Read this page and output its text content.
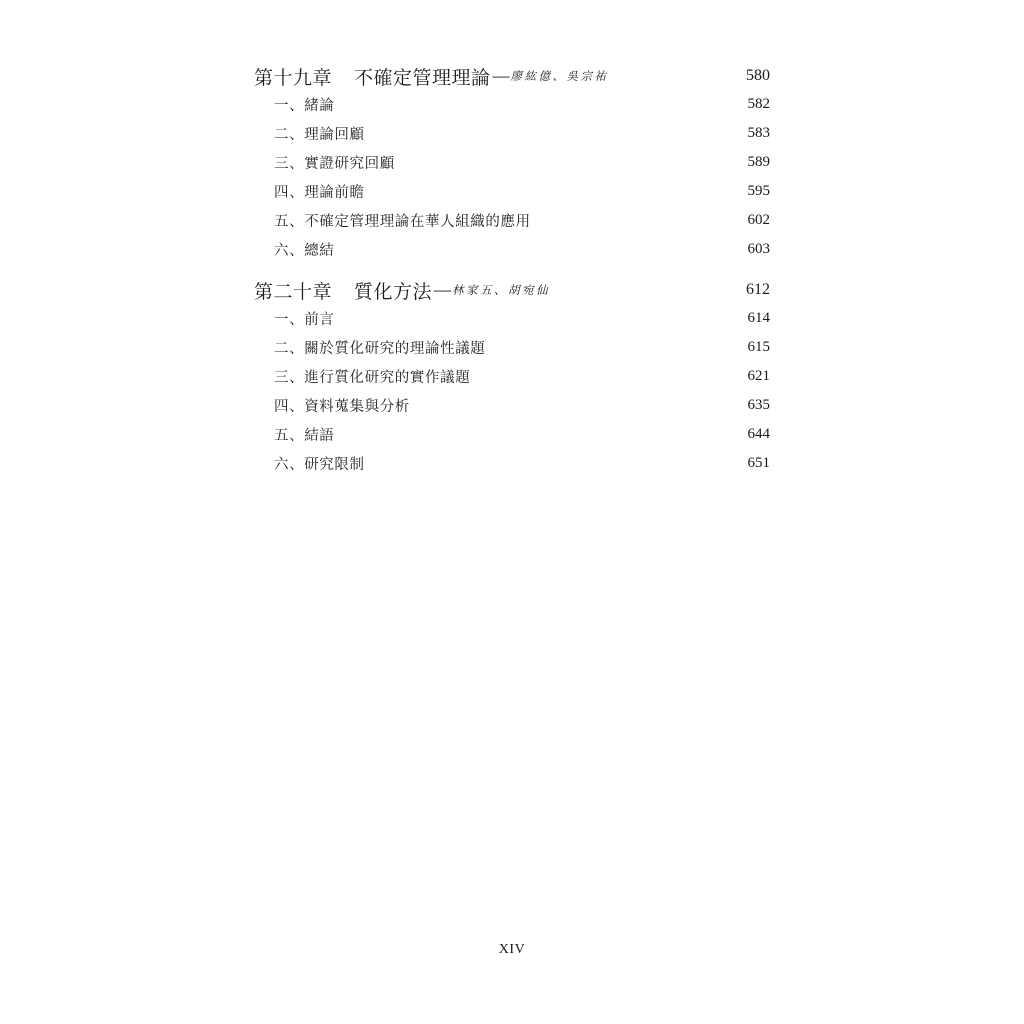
第十九章 不確定管理理論 — 廖紘億、吳宗祐	580
一、緒論	582
二、理論回顧	583
三、實證研究回顧	589
四、理論前瞻	595
五、不確定管理理論在華人組織的應用	602
六、總結	603
第二十章 質化方法 — 林家五、胡宛仙	612
一、前言	614
二、關於質化研究的理論性議題	615
三、進行質化研究的實作議題	621
四、資料蒐集與分析	635
五、結語	644
六、研究限制	651
XIV
